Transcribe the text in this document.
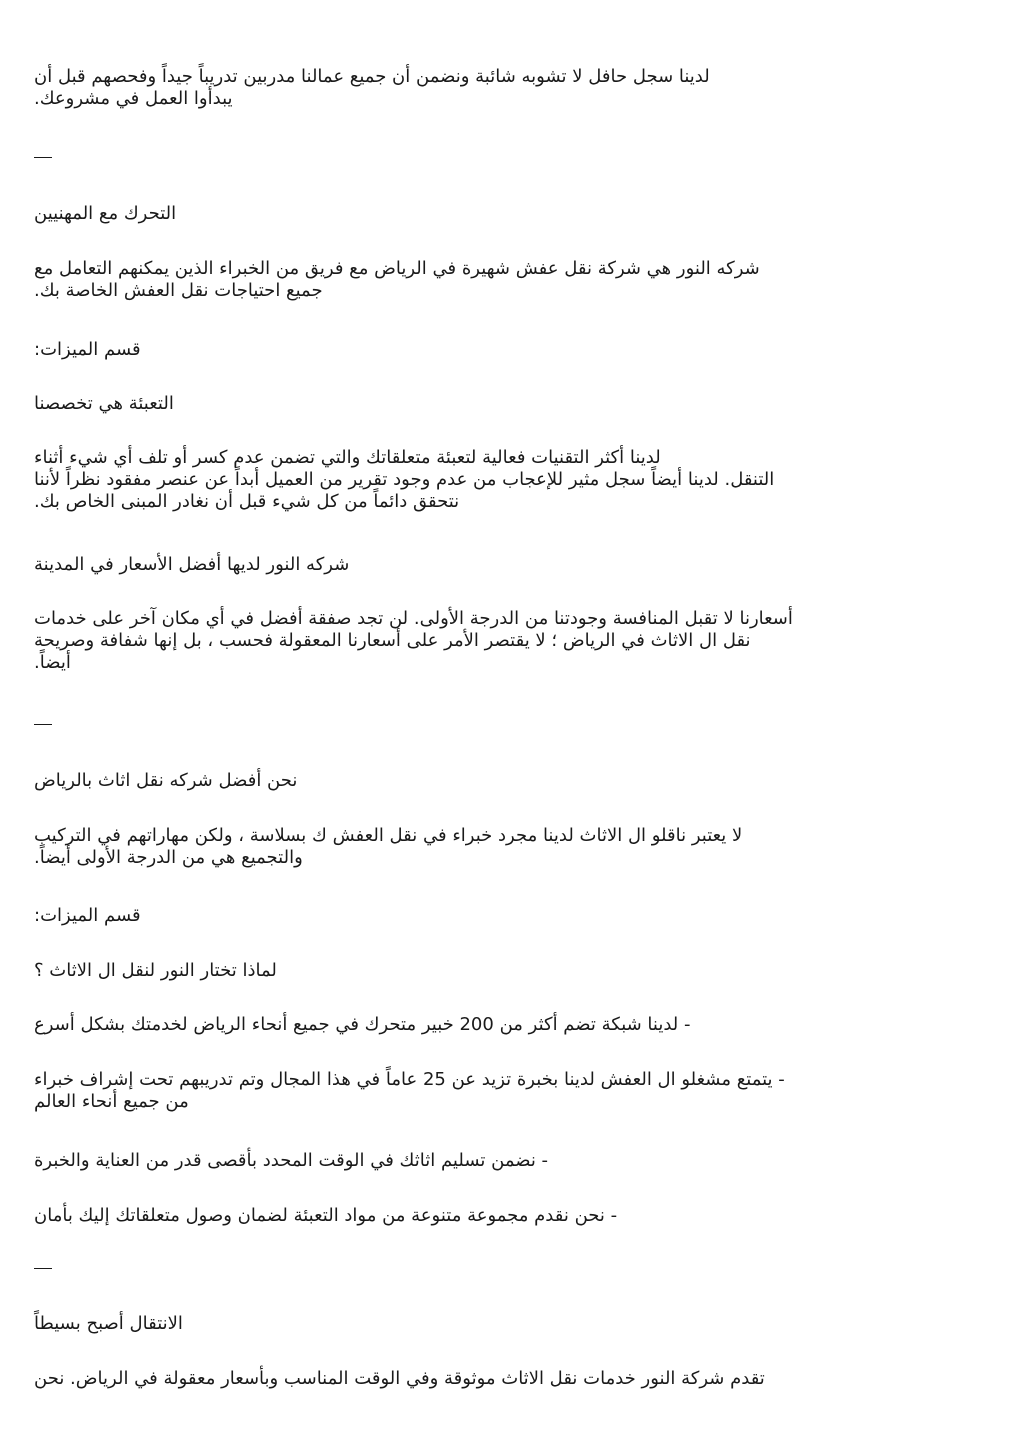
لدينا سجل حافل لا تشوبه شائبة ونضمن أن جميع عمالنا مدربين تدريباً جيداً وفحصهم قبل أن
يبدأوا العمل في مشروعك.
التحرك مع المهنيين
شركه النور هي شركة نقل عفش شهيرة في الرياض مع فريق من الخبراء الذين يمكنهم التعامل مع
جميع احتياجات نقل العفش الخاصة بك.
قسم الميزات:
التعبئة هي تخصصنا
لدينا أكثر التقنيات فعالية لتعبئة متعلقاتك والتي تضمن عدم كسر أو تلف أي شيء أثناء
التنقل. لدينا أيضاً سجل مثير للإعجاب من عدم وجود تقرير من العميل أبداً عن عنصر مفقود نظراً لأننا
نتحقق دائماً من كل شيء قبل أن نغادر المبنى الخاص بك.
شركه النور لديها أفضل الأسعار في المدينة
أسعارنا لا تقبل المنافسة وجودتنا من الدرجة الأولى. لن تجد صفقة أفضل في أي مكان آخر على خدمات
نقل ال الاثاث في الرياض ؛ لا يقتصر الأمر على أسعارنا المعقولة فحسب ، بل إنها شفافة وصريحة
أيضاً.
نحن أفضل شركه نقل اثاث بالرياض
لا يعتبر ناقلو ال الاثاث لدينا مجرد خبراء في نقل العفش ك بسلاسة ، ولكن مهاراتهم في التركيب
والتجميع هي من الدرجة الأولى أيضاً.
قسم الميزات:
لماذا تختار النور لنقل ال الاثاث ؟
- لدينا شبكة تضم أكثر من 200 خبير متحرك في جميع أنحاء الرياض لخدمتك بشكل أسرع
- يتمتع مشغلو ال العفش لدينا بخبرة تزيد عن 25 عاماً في هذا المجال وتم تدريبهم تحت إشراف خبراء
من جميع أنحاء العالم
- نضمن تسليم اثاثك في الوقت المحدد بأقصى قدر من العناية والخبرة
- نحن نقدم مجموعة متنوعة من مواد التعبئة لضمان وصول متعلقاتك إليك بأمان
الانتقال أصبح بسيطاً
تقدم شركة النور خدمات نقل الاثاث موثوقة وفي الوقت المناسب وبأسعار معقولة في الرياض. نحن
